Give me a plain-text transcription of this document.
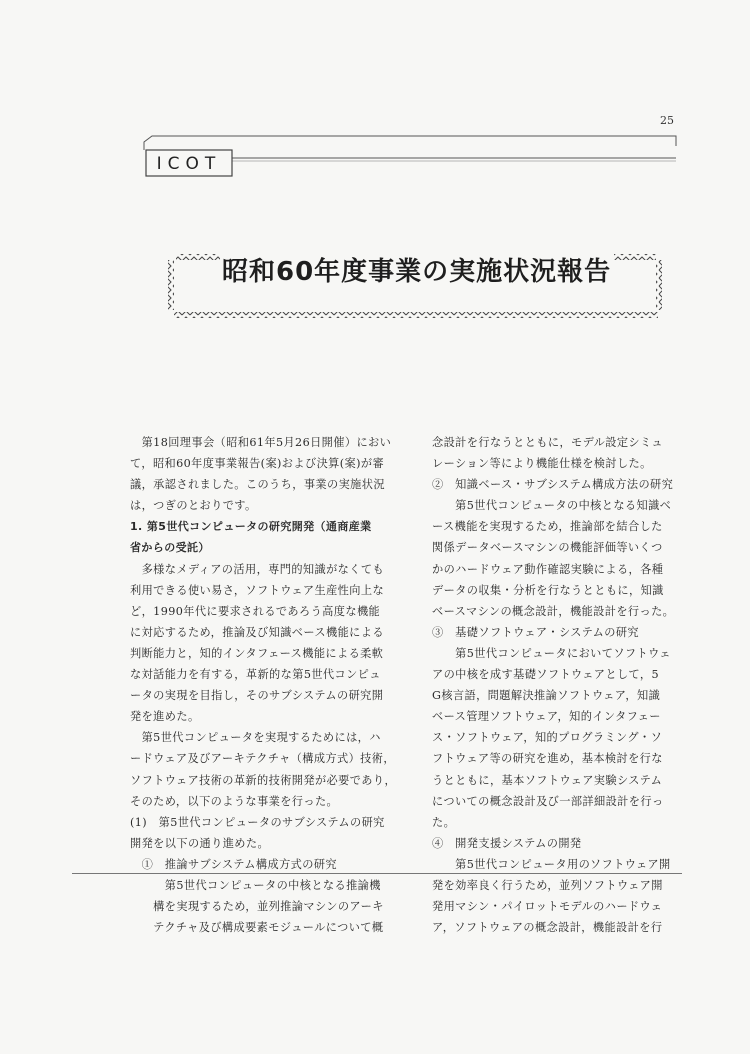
25
ICOT
昭和60年度事業の実施状況報告
　第18回理事会（昭和61年5月26日開催）におい
て，昭和60年度事業報告(案)および決算(案)が審
議，承認されました。このうち，事業の実施状況
は，つぎのとおりです。
1. 第5世代コンピュータの研究開発（通商産業
省からの受託）
　多様なメディアの活用，専門的知識がなくても
利用できる使い易さ，ソフトウェア生産性向上な
ど，1990年代に要求されるであろう高度な機能
に対応するため，推論及び知識ベース機能による
判断能力と，知的インタフェース機能による柔軟
な対話能力を有する，革新的な第5世代コンピュ
ータの実現を目指し，そのサブシステムの研究開
発を進めた。
　第5世代コンピュータを実現するためには，ハ
ードウェア及びアーキテクチャ（構成方式）技術，
ソフトウェア技術の革新的技術開発が必要であり，
そのため，以下のような事業を行った。
(1)　第5世代コンピュータのサブシステムの研究
開発を以下の通り進めた。
　①　推論サブシステム構成方式の研究
　　　第5世代コンピュータの中核となる推論機
　　構を実現するため，並列推論マシンのアーキ
　　テクチャ及び構成要素モジュールについて概
念設計を行なうとともに，モデル設定シミュ
レーション等により機能仕様を検討した。
②　知識ベース・サブシステム構成方法の研究
　　第5世代コンピュータの中核となる知識ベ
ース機能を実現するため，推論部を結合した
関係データベースマシンの機能評価等いくつ
かのハードウェア動作確認実験による，各種
データの収集・分析を行なうとともに，知識
ベースマシンの概念設計，機能設計を行った。
③　基礎ソフトウェア・システムの研究
　　第5世代コンピュータにおいてソフトウェ
アの中核を成す基礎ソフトウェアとして，5
G核言語，問題解決推論ソフトウェア，知識
ベース管理ソフトウェア，知的インタフェー
ス・ソフトウェア，知的プログラミング・ソ
フトウェア等の研究を進め，基本検討を行な
うとともに，基本ソフトウェア実験システム
についての概念設計及び一部詳細設計を行っ
た。
④　開発支援システムの開発
　　第5世代コンピュータ用のソフトウェア開
発を効率良く行うため，並列ソフトウェア開
発用マシン・パイロットモデルのハードウェ
ア，ソフトウェアの概念設計，機能設計を行
